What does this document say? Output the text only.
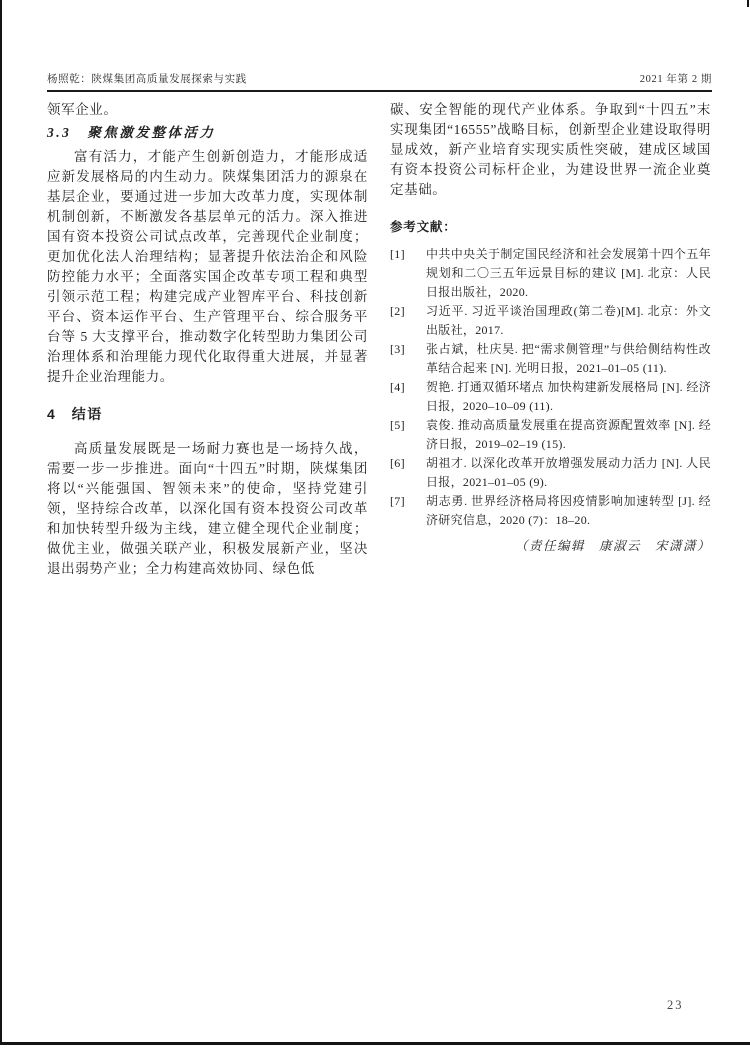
杨照乾：陕煤集团高质量发展探索与实践	2021 年第 2 期

领军企业。

3.3　聚焦激发整体活力

富有活力，才能产生创新创造力，才能形成适应新发展格局的内生动力。陕煤集团活力的源泉在基层企业，要通过进一步加大改革力度，实现体制机制创新，不断激发各基层单元的活力。深入推进国有资本投资公司试点改革，完善现代企业制度；更加优化法人治理结构；显著提升依法治企和风险防控能力水平；全面落实国企改革专项工程和典型引领示范工程；构建完成产业智库平台、科技创新平台、资本运作平台、生产管理平台、综合服务平台等 5 大支撑平台，推动数字化转型助力集团公司治理体系和治理能力现代化取得重大进展，并显著提升企业治理能力。

4　结语

高质量发展既是一场耐力赛也是一场持久战，需要一步一步推进。面向“十四五”时期，陕煤集团将以“兴能强国、智领未来”的使命，坚持党建引领，坚持综合改革，以深化国有资本投资公司改革和加快转型升级为主线，建立健全现代企业制度；做优主业，做强关联产业，积极发展新产业，坚决退出弱势产业；全力构建高效协同、绿色低

碳、安全智能的现代产业体系。争取到“十四五”末实现集团“16555”战略目标，创新型企业建设取得明显成效，新产业培育实现实质性突破，建成区域国有资本投资公司标杆企业，为建设世界一流企业奠定基础。

参考文献：
[1]	中共中央关于制定国民经济和社会发展第十四个五年规划和二〇三五年远景目标的建议 [M]. 北京：人民日报出版社，2020.
[2]	习近平. 习近平谈治国理政(第二卷)[M]. 北京：外文出版社，2017.
[3]	张占斌，杜庆昊. 把“需求侧管理”与供给侧结构性改革结合起来 [N]. 光明日报，2021–01–05 (11).
[4]	贺艳. 打通双循环堵点 加快构建新发展格局 [N]. 经济日报，2020–10–09 (11).
[5]	袁俊. 推动高质量发展重在提高资源配置效率 [N]. 经济日报，2019–02–19 (15).
[6]	胡祖才. 以深化改革开放增强发展动力活力 [N]. 人民日报，2021–01–05 (9).
[7]	胡志勇. 世界经济格局将因疫情影响加速转型 [J]. 经济研究信息，2020 (7)：18–20.
（责任编辑　康淑云　宋潇潇）
23
